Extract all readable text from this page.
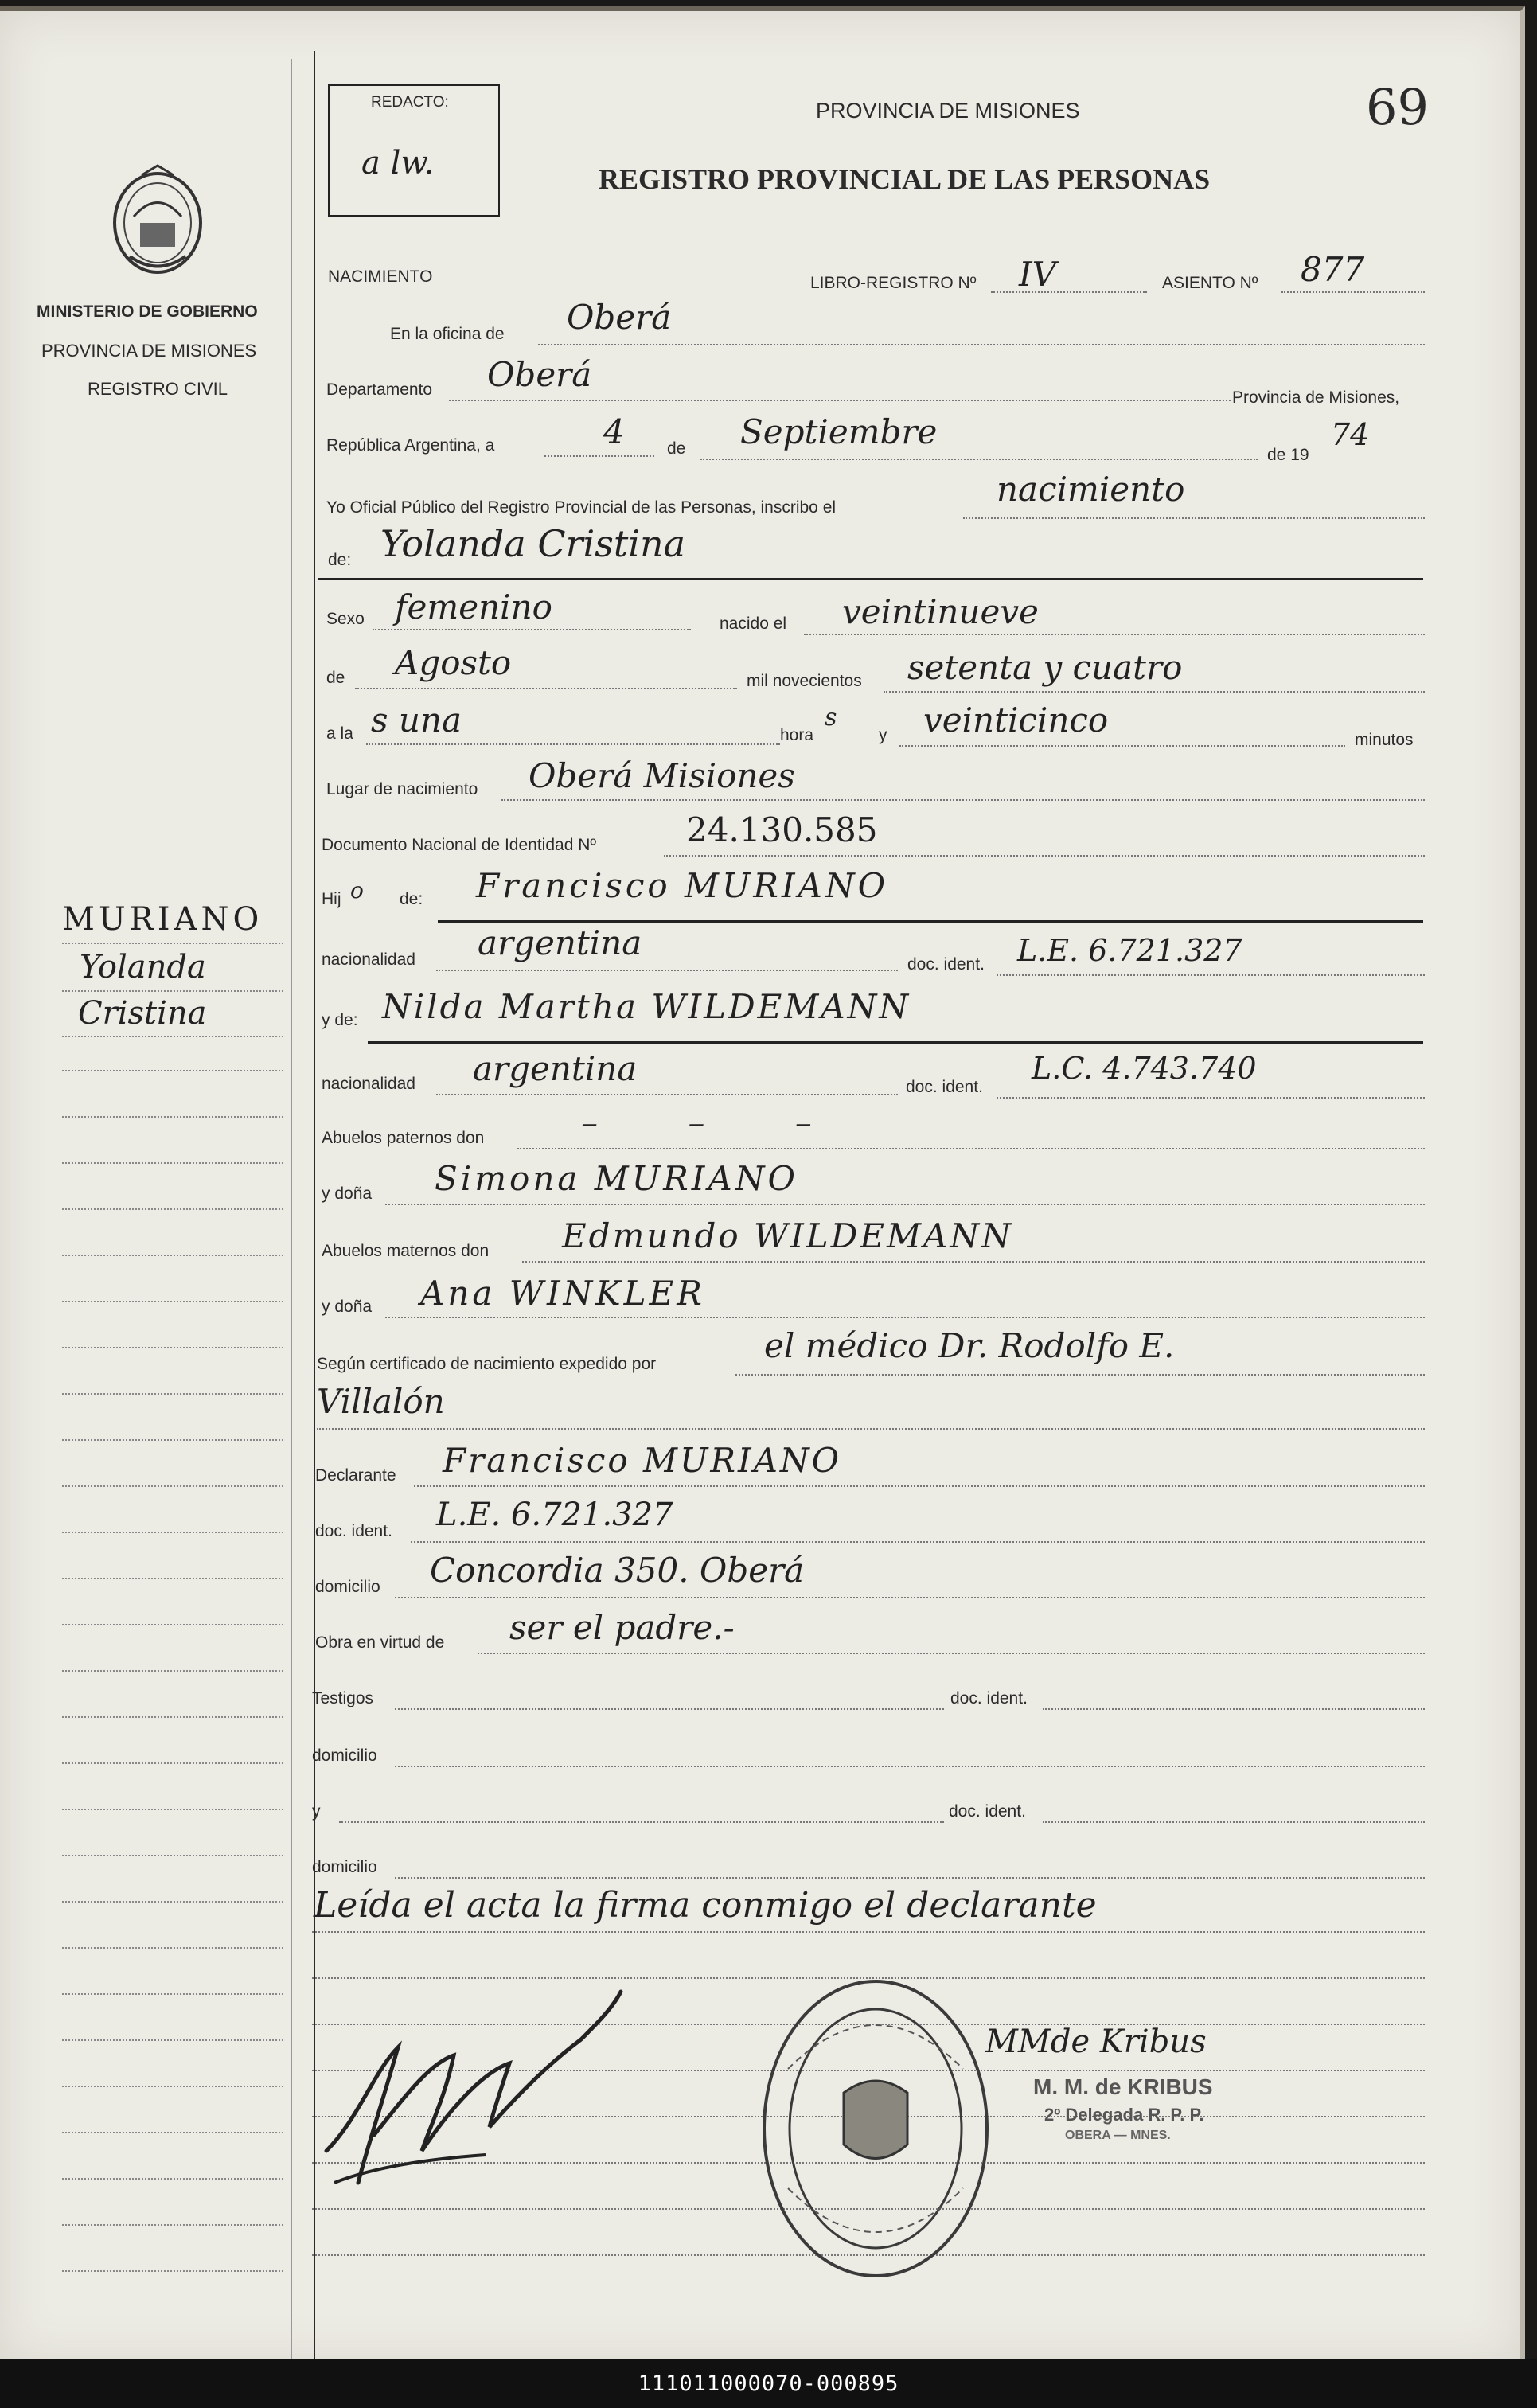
MINISTERIO DE GOBIERNO
PROVINCIA DE MISIONES
REGISTRO CIVIL
MURIANO
Yolanda
Cristina
REDACTO:
a lw.
PROVINCIA DE MISIONES	69
REGISTRO PROVINCIAL DE LAS PERSONAS
NACIMIENTO	LIBRO-REGISTRO Nº IV	ASIENTO Nº 877
En la oficina de Oberá
Departamento Oberá
Provincia de Misiones,
República Argentina, a	4	de Septiembre
de 19
74
Yo Oficial Público del Registro Provincial de las Personas, inscribo el	nacimiento
de: Yolanda Cristina
Sexo femenino	nacido el veintinueve
de Agosto	mil novecientos setenta y cuatro
a la s una	hora
s
y veinticinco
minutos
Lugar de nacimiento Oberá Misiones
Documento Nacional de Identidad Nº	24.130.585
Hij o de: Francisco MURIANO
nacionalidad argentina
doc. ident. L.E. 6.721.327
y de: Nilda Martha WILDEMANN
nacionalidad argentina	doc. ident.
L.C. 4.743.740
Abuelos paternos don	– – –
y doña Simona MURIANO
Abuelos maternos don Edmundo WILDEMANN
y doña Ana WINKLER
Según certificado de nacimiento expedido por	el médico Dr. Rodolfo E.
Villalón
Declarante Francisco MURIANO
doc. ident. L.E. 6.721.327
domicilio Concordia 350. Oberá
Obra en virtud de ser el padre.-
Testigos	doc. ident.
domicilio
y	doc. ident.
domicilio
Leída el acta la firma conmigo el declarante
MMde Kribus
M. M. de KRIBUS
2º Delegada R. P. P.
OBERA — MNES.
111011000070-000895
